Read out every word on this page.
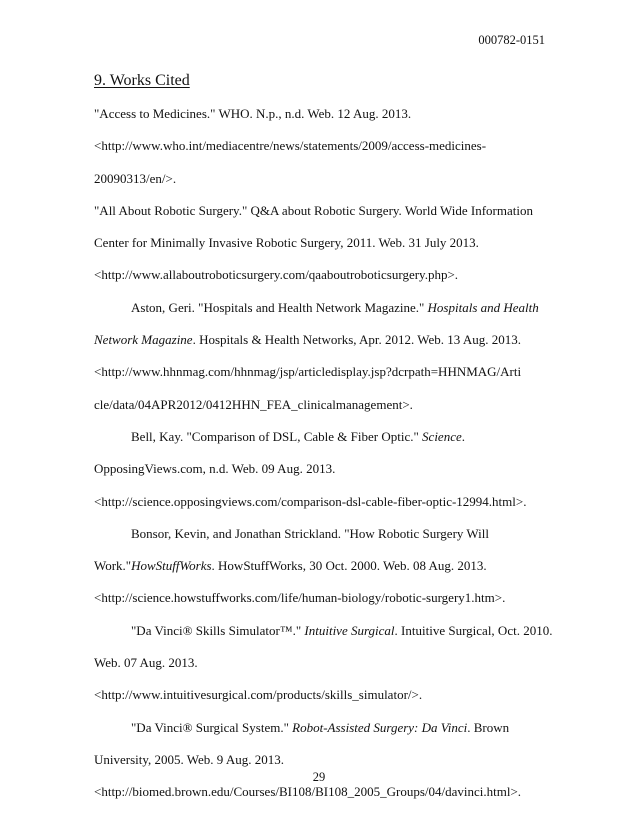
000782-0151
9. Works Cited
"Access to Medicines." WHO. N.p., n.d. Web. 12 Aug. 2013.
<http://www.who.int/mediacentre/news/statements/2009/access-medicines-
20090313/en/>.
"All About Robotic Surgery." Q&A about Robotic Surgery. World Wide Information
Center for Minimally Invasive Robotic Surgery, 2011. Web. 31 July 2013.
<http://www.allaboutroboticsurgery.com/qaaboutroboticsurgery.php>.
Aston, Geri. "Hospitals and Health Network Magazine." Hospitals and Health
Network Magazine. Hospitals & Health Networks, Apr. 2012. Web. 13 Aug. 2013.
<http://www.hhnmag.com/hhnmag/jsp/articledisplay.jsp?dcrpath=HHNMAG/Arti
cle/data/04APR2012/0412HHN_FEA_clinicalmanagement>.
Bell, Kay. "Comparison of DSL, Cable & Fiber Optic." Science.
OpposingViews.com, n.d. Web. 09 Aug. 2013.
<http://science.opposingviews.com/comparison-dsl-cable-fiber-optic-12994.html>.
Bonsor, Kevin, and Jonathan Strickland. "How Robotic Surgery Will
Work."HowStuffWorks. HowStuffWorks, 30 Oct. 2000. Web. 08 Aug. 2013.
<http://science.howstuffworks.com/life/human-biology/robotic-surgery1.htm>.
"Da Vinci® Skills Simulator™." Intuitive Surgical. Intuitive Surgical, Oct. 2010.
Web. 07 Aug. 2013.
<http://www.intuitivesurgical.com/products/skills_simulator/>.
"Da Vinci® Surgical System." Robot-Assisted Surgery: Da Vinci. Brown
University, 2005. Web. 9 Aug. 2013.
<http://biomed.brown.edu/Courses/BI108/BI108_2005_Groups/04/davinci.html>.
29
